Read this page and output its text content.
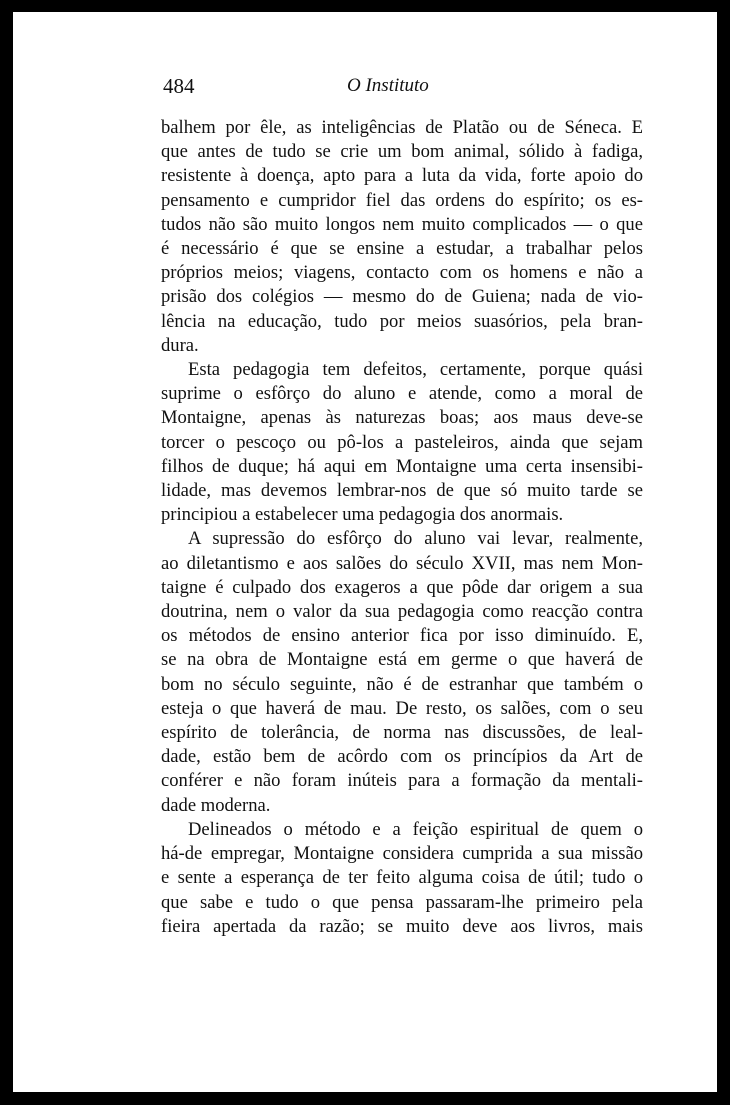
484	O Instituto
balhem por êle, as inteligências de Platão ou de Séneca. E
que antes de tudo se crie um bom animal, sólido à fadiga,
resistente à doença, apto para a luta da vida, forte apoio do
pensamento e cumpridor fiel das ordens do espírito; os es-
tudos não são muito longos nem muito complicados — o que
é necessário é que se ensine a estudar, a trabalhar pelos
próprios meios; viagens, contacto com os homens e não a
prisão dos colégios — mesmo do de Guiena; nada de vio-
lência na educação, tudo por meios suasórios, pela bran-
dura.
Esta pedagogia tem defeitos, certamente, porque quási
suprime o esfôrço do aluno e atende, como a moral de
Montaigne, apenas às naturezas boas; aos maus deve-se
torcer o pescoço ou pô-los a pasteleiros, ainda que sejam
filhos de duque; há aqui em Montaigne uma certa insensibi-
lidade, mas devemos lembrar-nos de que só muito tarde se
principiou a estabelecer uma pedagogia dos anormais.
A supressão do esfôrço do aluno vai levar, realmente,
ao diletantismo e aos salões do século XVII, mas nem Mon-
taigne é culpado dos exageros a que pôde dar origem a sua
doutrina, nem o valor da sua pedagogia como reacção contra
os métodos de ensino anterior fica por isso diminuído. E,
se na obra de Montaigne está em germe o que haverá de
bom no século seguinte, não é de estranhar que também o
esteja o que haverá de mau. De resto, os salões, com o seu
espírito de tolerância, de norma nas discussões, de leal-
dade, estão bem de acôrdo com os princípios da Art de
conférer e não foram inúteis para a formação da mentali-
dade moderna.
Delineados o método e a feição espiritual de quem o
há-de empregar, Montaigne considera cumprida a sua missão
e sente a esperança de ter feito alguma coisa de útil; tudo o
que sabe e tudo o que pensa passaram-lhe primeiro pela
fieira apertada da razão; se muito deve aos livros, mais
